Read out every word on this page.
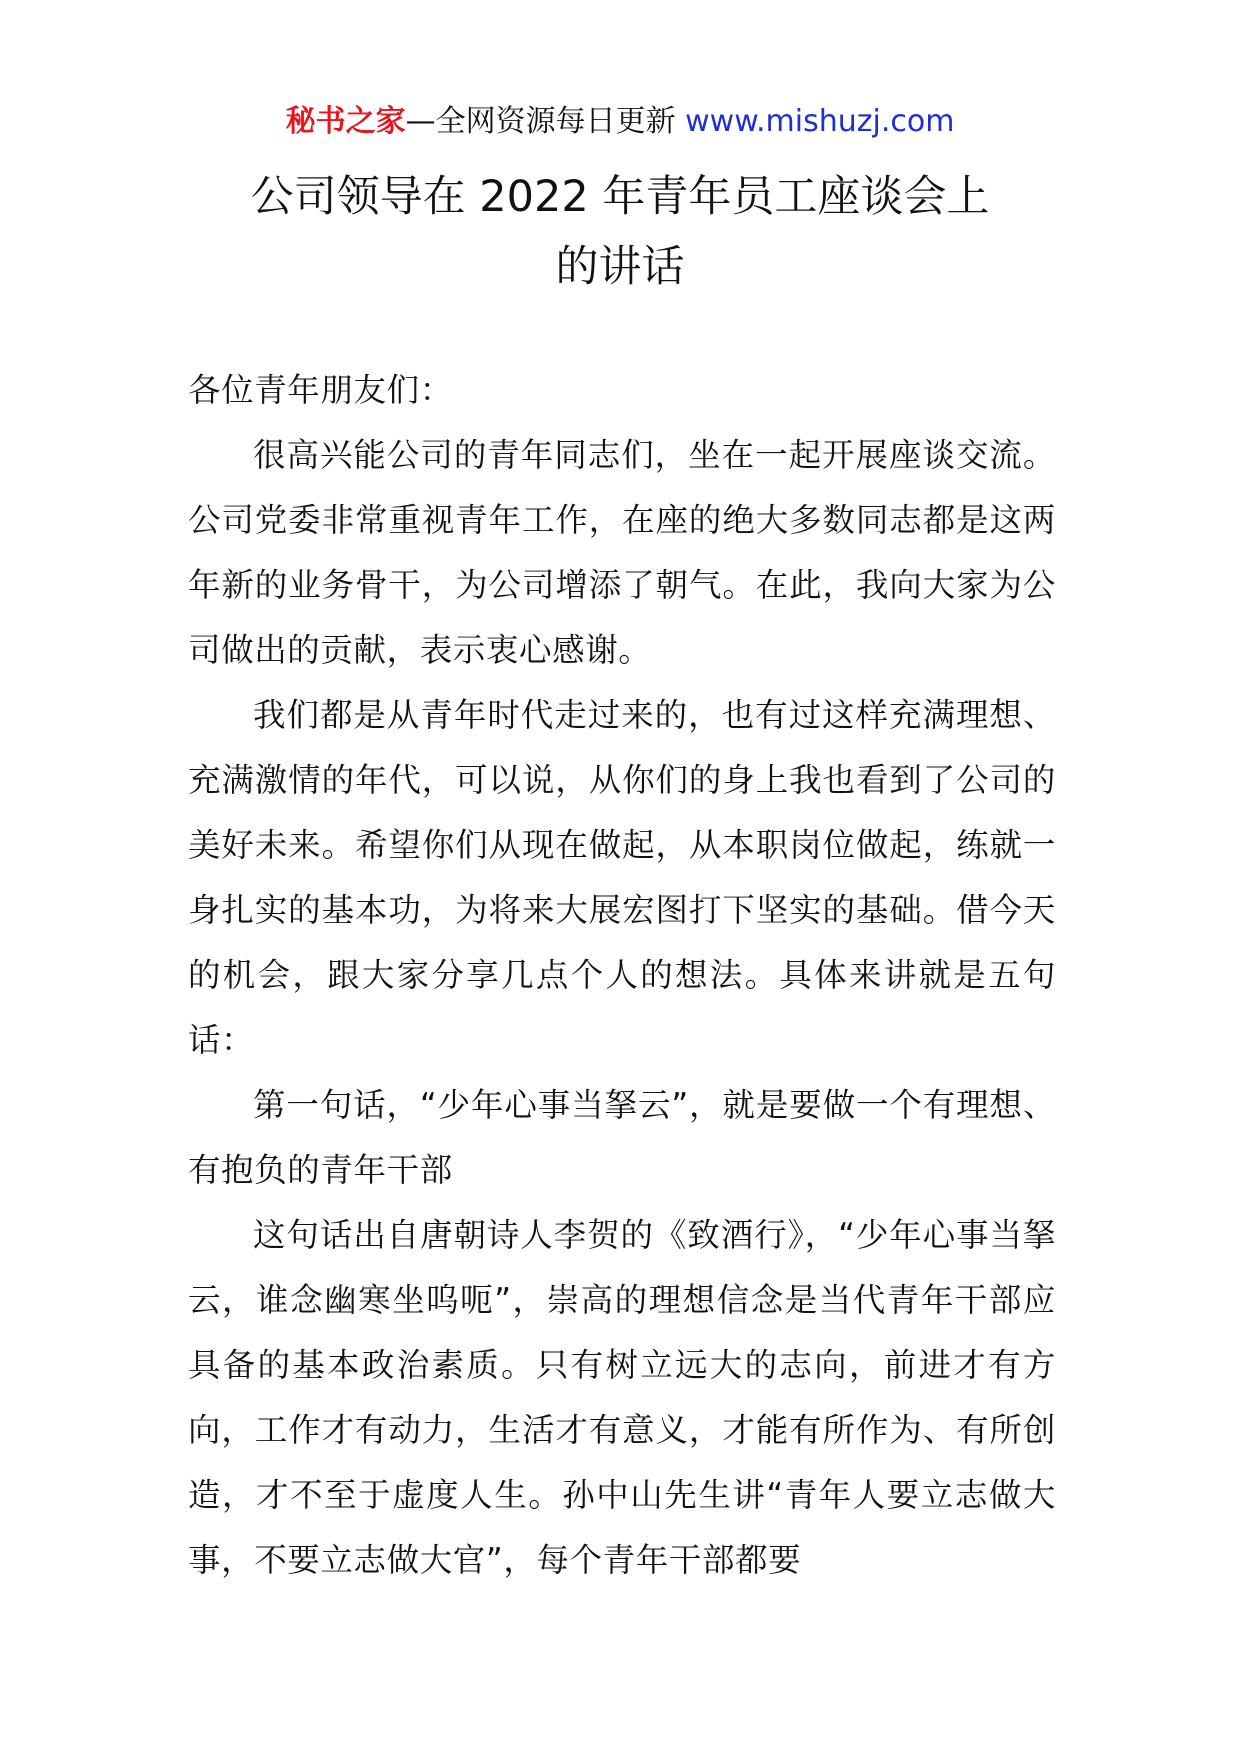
秘书之家—全网资源每日更新 www.mishuzj.com
公司领导在 2022 年青年员工座谈会上
的讲话

各位青年朋友们：

很高兴能公司的青年同志们，坐在一起开展座谈交流。公司党委非常重视青年工作，在座的绝大多数同志都是这两年新的业务骨干，为公司增添了朝气。在此，我向大家为公司做出的贡献，表示衷心感谢。

我们都是从青年时代走过来的，也有过这样充满理想、充满激情的年代，可以说，从你们的身上我也看到了公司的美好未来。希望你们从现在做起，从本职岗位做起，练就一身扎实的基本功，为将来大展宏图打下坚实的基础。借今天的机会，跟大家分享几点个人的想法。具体来讲就是五句话：

第一句话，“少年心事当拏云”，就是要做一个有理想、有抱负的青年干部

这句话出自唐朝诗人李贺的《致酒行》，“少年心事当拏云，谁念幽寒坐呜呃”，崇高的理想信念是当代青年干部应具备的基本政治素质。只有树立远大的志向，前进才有方向，工作才有动力，生活才有意义，才能有所作为、有所创造，才不至于虚度人生。孙中山先生讲“青年人要立志做大事，不要立志做大官”，每个青年干部都要
